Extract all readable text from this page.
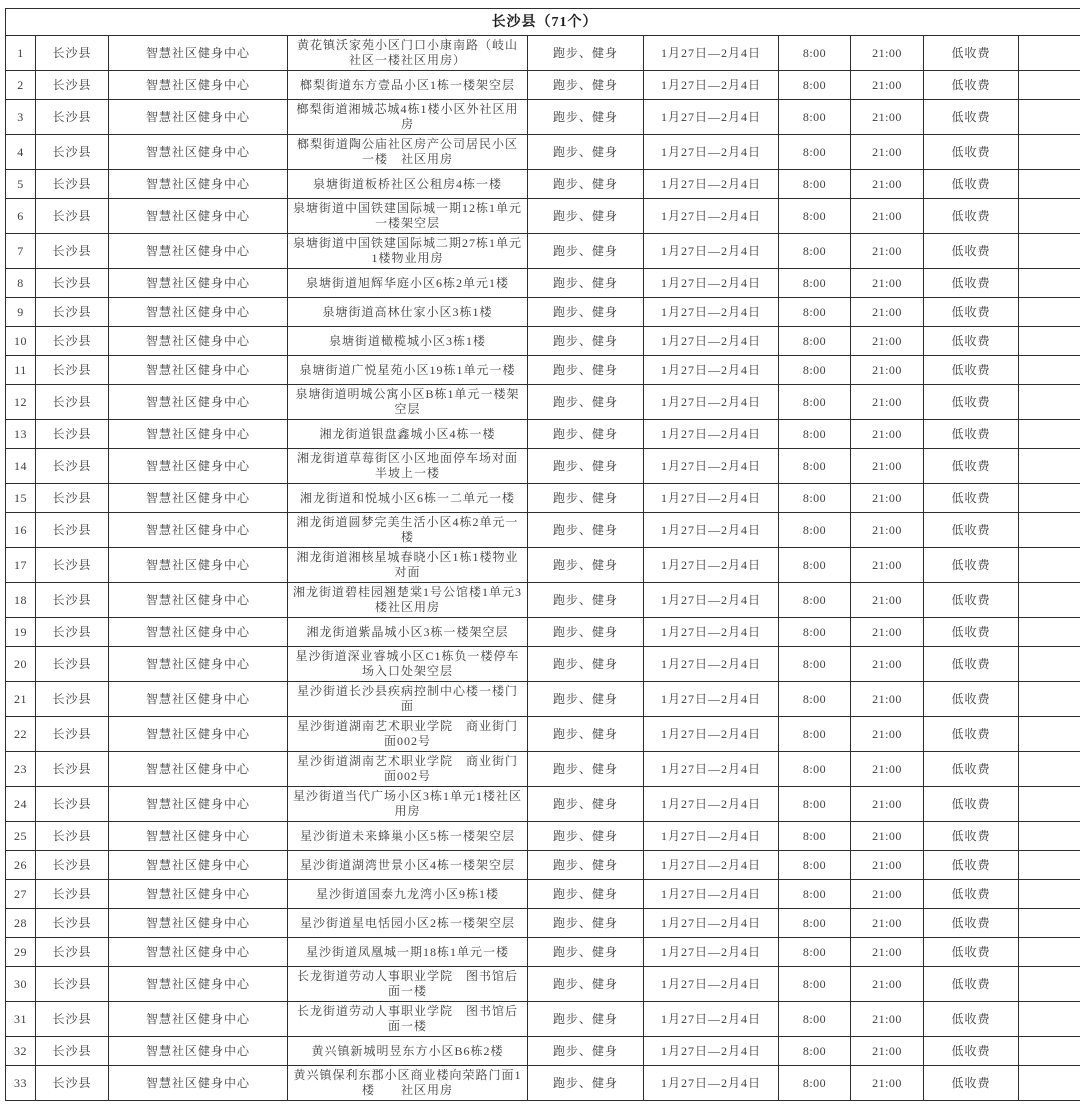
长沙县（71个）									
1	长沙县	智慧社区健身中心	黄花镇沃家苑小区门口小康南路（岐山社区一楼社区用房）	跑步、健身	1月27日—2月4日	8:00	21:00	低收费	
2	长沙县	智慧社区健身中心	榔梨街道东方壹品小区1栋一楼架空层	跑步、健身	1月27日—2月4日	8:00	21:00	低收费	
3	长沙县	智慧社区健身中心	榔梨街道湘城芯城4栋1楼小区外社区用房	跑步、健身	1月27日—2月4日	8:00	21:00	低收费	
4	长沙县	智慧社区健身中心	榔梨街道陶公庙社区房产公司居民小区一楼　社区用房	跑步、健身	1月27日—2月4日	8:00	21:00	低收费	
5	长沙县	智慧社区健身中心	泉塘街道板桥社区公租房4栋一楼	跑步、健身	1月27日—2月4日	8:00	21:00	低收费	
6	长沙县	智慧社区健身中心	泉塘街道中国铁建国际城一期12栋1单元一楼架空层	跑步、健身	1月27日—2月4日	8:00	21:00	低收费	
7	长沙县	智慧社区健身中心	泉塘街道中国铁建国际城二期27栋1单元1楼物业用房	跑步、健身	1月27日—2月4日	8:00	21:00	低收费	
8	长沙县	智慧社区健身中心	泉塘街道旭辉华庭小区6栋2单元1楼	跑步、健身	1月27日—2月4日	8:00	21:00	低收费	
9	长沙县	智慧社区健身中心	泉塘街道高林仕家小区3栋1楼	跑步、健身	1月27日—2月4日	8:00	21:00	低收费	
10	长沙县	智慧社区健身中心	泉塘街道橄榄城小区3栋1楼	跑步、健身	1月27日—2月4日	8:00	21:00	低收费	
11	长沙县	智慧社区健身中心	泉塘街道广悦星苑小区19栋1单元一楼	跑步、健身	1月27日—2月4日	8:00	21:00	低收费	
12	长沙县	智慧社区健身中心	泉塘街道明城公寓小区B栋1单元一楼架空层	跑步、健身	1月27日—2月4日	8:00	21:00	低收费	
13	长沙县	智慧社区健身中心	湘龙街道银盘鑫城小区4栋一楼	跑步、健身	1月27日—2月4日	8:00	21:00	低收费	
14	长沙县	智慧社区健身中心	湘龙街道草莓街区小区地面停车场对面半坡上一楼	跑步、健身	1月27日—2月4日	8:00	21:00	低收费	
15	长沙县	智慧社区健身中心	湘龙街道和悦城小区6栋一二单元一楼	跑步、健身	1月27日—2月4日	8:00	21:00	低收费	
16	长沙县	智慧社区健身中心	湘龙街道圆梦完美生活小区4栋2单元一楼	跑步、健身	1月27日—2月4日	8:00	21:00	低收费	
17	长沙县	智慧社区健身中心	湘龙街道湘核星城春晓小区1栋1楼物业对面	跑步、健身	1月27日—2月4日	8:00	21:00	低收费	
18	长沙县	智慧社区健身中心	湘龙街道碧桂园翘楚棠1号公馆楼1单元3楼社区用房	跑步、健身	1月27日—2月4日	8:00	21:00	低收费	
19	长沙县	智慧社区健身中心	湘龙街道紫晶城小区3栋一楼架空层	跑步、健身	1月27日—2月4日	8:00	21:00	低收费	
20	长沙县	智慧社区健身中心	星沙街道深业睿城小区C1栋负一楼停车场入口处架空层	跑步、健身	1月27日—2月4日	8:00	21:00	低收费	
21	长沙县	智慧社区健身中心	星沙街道长沙县疾病控制中心楼一楼门面	跑步、健身	1月27日—2月4日	8:00	21:00	低收费	
22	长沙县	智慧社区健身中心	星沙街道湖南艺术职业学院　商业街门面002号	跑步、健身	1月27日—2月4日	8:00	21:00	低收费	
23	长沙县	智慧社区健身中心	星沙街道湖南艺术职业学院　商业街门面002号	跑步、健身	1月27日—2月4日	8:00	21:00	低收费	
24	长沙县	智慧社区健身中心	星沙街道当代广场小区3栋1单元1楼社区用房	跑步、健身	1月27日—2月4日	8:00	21:00	低收费	
25	长沙县	智慧社区健身中心	星沙街道未来蜂巢小区5栋一楼架空层	跑步、健身	1月27日—2月4日	8:00	21:00	低收费	
26	长沙县	智慧社区健身中心	星沙街道湖湾世景小区4栋一楼架空层	跑步、健身	1月27日—2月4日	8:00	21:00	低收费	
27	长沙县	智慧社区健身中心	星沙街道国泰九龙湾小区9栋1楼	跑步、健身	1月27日—2月4日	8:00	21:00	低收费	
28	长沙县	智慧社区健身中心	星沙街道星电恬园小区2栋一楼架空层	跑步、健身	1月27日—2月4日	8:00	21:00	低收费	
29	长沙县	智慧社区健身中心	星沙街道凤凰城一期18栋1单元一楼	跑步、健身	1月27日—2月4日	8:00	21:00	低收费	
30	长沙县	智慧社区健身中心	长龙街道劳动人事职业学院　图书馆后面一楼	跑步、健身	1月27日—2月4日	8:00	21:00	低收费	
31	长沙县	智慧社区健身中心	长龙街道劳动人事职业学院　图书馆后面一楼	跑步、健身	1月27日—2月4日	8:00	21:00	低收费	
32	长沙县	智慧社区健身中心	黄兴镇新城明昱东方小区B6栋2楼	跑步、健身	1月27日—2月4日	8:00	21:00	低收费	
33	长沙县	智慧社区健身中心	黄兴镇保利东郡小区商业楼向荣路门面1楼　　社区用房	跑步、健身	1月27日—2月4日	8:00	21:00	低收费	
